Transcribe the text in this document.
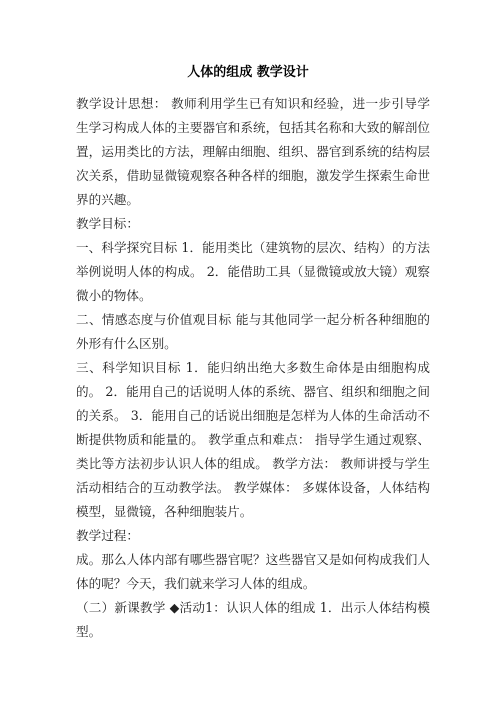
人体的组成 教学设计

教学设计思想： 教师利用学生已有知识和经验，进一步引导学生学习构成人体的主要器官和系统，包括其名称和大致的解剖位置，运用类比的方法，理解由细胞、组织、器官到系统的结构层次关系，借助显微镜观察各种各样的细胞，激发学生探索生命世界的兴趣。

教学目标：

一、科学探究目标 1．能用类比（建筑物的层次、结构）的方法举例说明人体的构成。 2．能借助工具（显微镜或放大镜）观察微小的物体。

二、情感态度与价值观目标 能与其他同学一起分析各种细胞的外形有什么区别。

三、科学知识目标 1．能归纳出绝大多数生命体是由细胞构成的。 2．能用自己的话说明人体的系统、器官、组织和细胞之间的关系。 3．能用自己的话说出细胞是怎样为人体的生命活动不断提供物质和能量的。 教学重点和难点： 指导学生通过观察、类比等方法初步认识人体的组成。 教学方法： 教师讲授与学生活动相结合的互动教学法。 教学媒体： 多媒体设备，人体结构模型，显微镜，各种细胞装片。

教学过程：

成。那么人体内部有哪些器官呢？这些器官又是如何构成我们人体的呢？今天，我们就来学习人体的组成。

（二）新课教学 ◆活动1：认识人体的组成 1．出示人体结构模型。
